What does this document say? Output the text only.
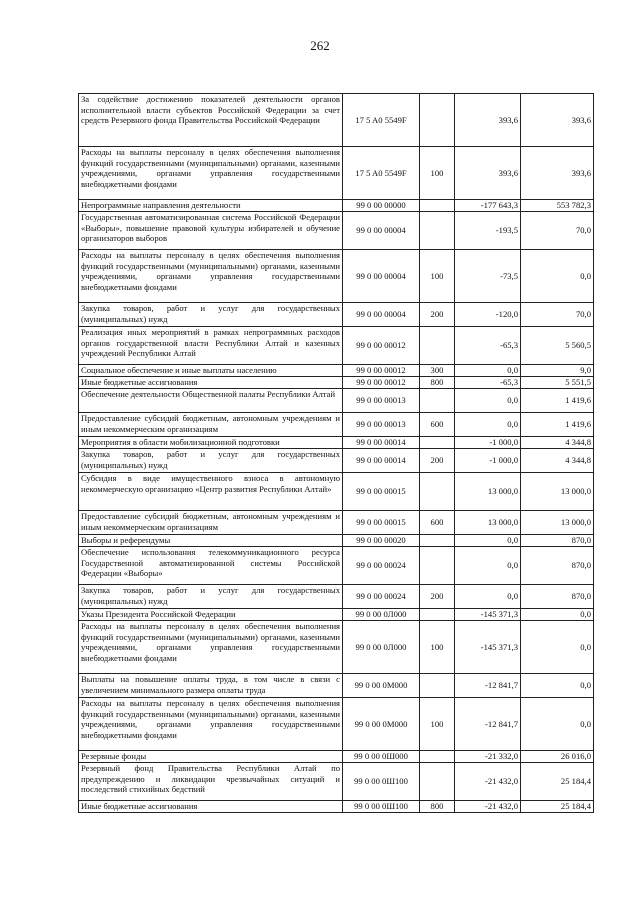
262
За содействие достижению показателей деятельности органов исполнительной власти субъектов Российской Федерации за счет средств Резервного фонда Правительства Российской Федерации	17 5 A0 5549F		393,6	393,6
Расходы на выплаты персоналу в целях обеспечения выполнения функций государственными (муниципальными) органами, казенными учреждениями, органами управления государственными внебюджетными фондами	17 5 A0 5549F	100	393,6	393,6
Непрограммные направления деятельности	99 0 00 00000		-177 643,3	553 782,3
Государственная автоматизированная система Российской Федерации «Выборы», повышение правовой культуры избирателей и обучение организаторов выборов	99 0 00 00004		-193,5	70,0
Расходы на выплаты персоналу в целях обеспечения выполнения функций государственными (муниципальными) органами, казенными учреждениями, органами управления государственными внебюджетными фондами	99 0 00 00004	100	-73,5	0,0
Закупка товаров, работ и услуг для государственных (муниципальных) нужд	99 0 00 00004	200	-120,0	70,0
Реализация иных мероприятий в рамках непрограммных расходов органов государственной власти Республики Алтай и казенных учреждений Республики Алтай	99 0 00 00012		-65,3	5 560,5
Социальное обеспечение и иные выплаты населению	99 0 00 00012	300	0,0	9,0
Иные бюджетные ассигнования	99 0 00 00012	800	-65,3	5 551,5
Обеспечение деятельности Общественной палаты Республики Алтай	99 0 00 00013		0,0	1 419,6
Предоставление субсидий бюджетным, автономным учреждениям и иным некоммерческим организациям	99 0 00 00013	600	0,0	1 419,6
Мероприятия в области мобилизационной подготовки	99 0 00 00014		-1 000,0	4 344,8
Закупка товаров, работ и услуг для государственных (муниципальных) нужд	99 0 00 00014	200	-1 000,0	4 344,8
Субсидия в виде имущественного взноса в автономную некоммерческую организацию «Центр развития Республики Алтай»	99 0 00 00015		13 000,0	13 000,0
Предоставление субсидий бюджетным, автономным учреждениям и иным некоммерческим организациям	99 0 00 00015	600	13 000,0	13 000,0
Выборы и референдумы	99 0 00 00020		0,0	870,0
Обеспечение использования телекоммуникационного ресурса Государственной автоматизированной системы Российской Федерации «Выборы»	99 0 00 00024		0,0	870,0
Закупка товаров, работ и услуг для государственных (муниципальных) нужд	99 0 00 00024	200	0,0	870,0
Указы Президента Российской Федерации	99 0 00 0Л000		-145 371,3	0,0
Расходы на выплаты персоналу в целях обеспечения выполнения функций государственными (муниципальными) органами, казенными учреждениями, органами управления государственными внебюджетными фондами	99 0 00 0Л000	100	-145 371,3	0,0
Выплаты на повышение оплаты труда, в том числе в связи с увеличением минимального размера оплаты труда	99 0 00 0М000		-12 841,7	0,0
Расходы на выплаты персоналу в целях обеспечения выполнения функций государственными (муниципальными) органами, казенными учреждениями, органами управления государственными внебюджетными фондами	99 0 00 0М000	100	-12 841,7	0,0
Резервные фонды	99 0 00 0Ш000		-21 332,0	26 016,0
Резервный фонд Правительства Республики Алтай по предупреждению и ликвидации чрезвычайных ситуаций и последствий стихийных бедствий	99 0 00 0Ш100		-21 432,0	25 184,4
Иные бюджетные ассигнования	99 0 00 0Ш100	800	-21 432,0	25 184,4
